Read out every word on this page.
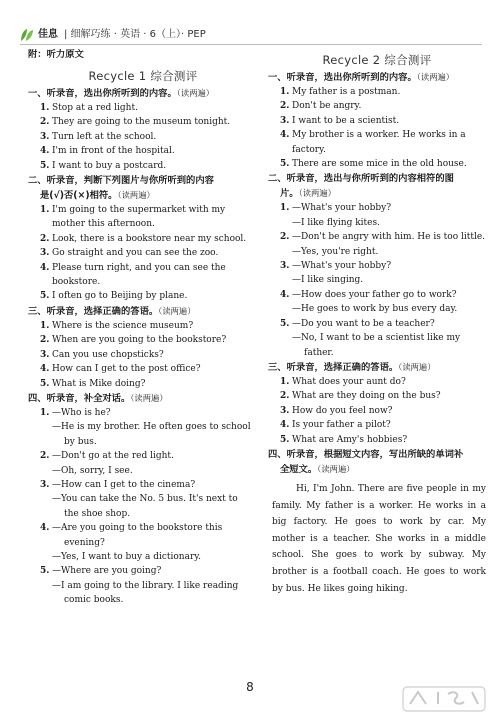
佳息 | 细解巧练 · 英语 · 6（上）· PEP
附：听力原文
Recycle 1 综合测评
一、听录音，选出你所听到的内容。（读两遍）
1. Stop at a red light.
2. They are going to the museum tonight.
3. Turn left at the school.
4. I'm in front of the hospital.
5. I want to buy a postcard.
二、听录音，判断下列图片与你所听到的内容
是(√)否(×)相符。（读两遍）
1. I'm going to the supermarket with my
mother this afternoon.
2. Look, there is a bookstore near my school.
3. Go straight and you can see the zoo.
4. Please turn right, and you can see the
bookstore.
5. I often go to Beijing by plane.
三、听录音，选择正确的答语。（读两遍）
1. Where is the science museum?
2. When are you going to the bookstore?
3. Can you use chopsticks?
4. How can I get to the post office?
5. What is Mike doing?
四、听录音，补全对话。（读两遍）
1. —Who is he?
—He is my brother. He often goes to school
by bus.
2. —Don't go at the red light.
—Oh, sorry, I see.
3. —How can I get to the cinema?
—You can take the No. 5 bus. It's next to
the shoe shop.
4. —Are you going to the bookstore this
evening?
—Yes, I want to buy a dictionary.
5. —Where are you going?
—I am going to the library. I like reading
comic books.
Recycle 2 综合测评
一、听录音，选出你所听到的内容。（读两遍）
1. My father is a postman.
2. Don't be angry.
3. I want to be a scientist.
4. My brother is a worker. He works in a
factory.
5. There are some mice in the old house.
二、听录音，选出与你所听到的内容相符的图
片。（读两遍）
1. —What's your hobby?
—I like flying kites.
2. —Don't be angry with him. He is too little.
—Yes, you're right.
3. —What's your hobby?
—I like singing.
4. —How does your father go to work?
—He goes to work by bus every day.
5. —Do you want to be a teacher?
—No, I want to be a scientist like my
father.
三、听录音，选择正确的答语。（读两遍）
1. What does your aunt do?
2. What are they doing on the bus?
3. How do you feel now?
4. Is your father a pilot?
5. What are Amy's hobbies?
四、听录音，根据短文内容，写出所缺的单词补
全短文。（读两遍）
Hi, I'm John. There are five people in my family. My father is a worker. He works in a big factory. He goes to work by car. My mother is a teacher. She works in a middle school. She goes to work by subway. My brother is a football coach. He goes to work by bus. He likes going hiking.
8
